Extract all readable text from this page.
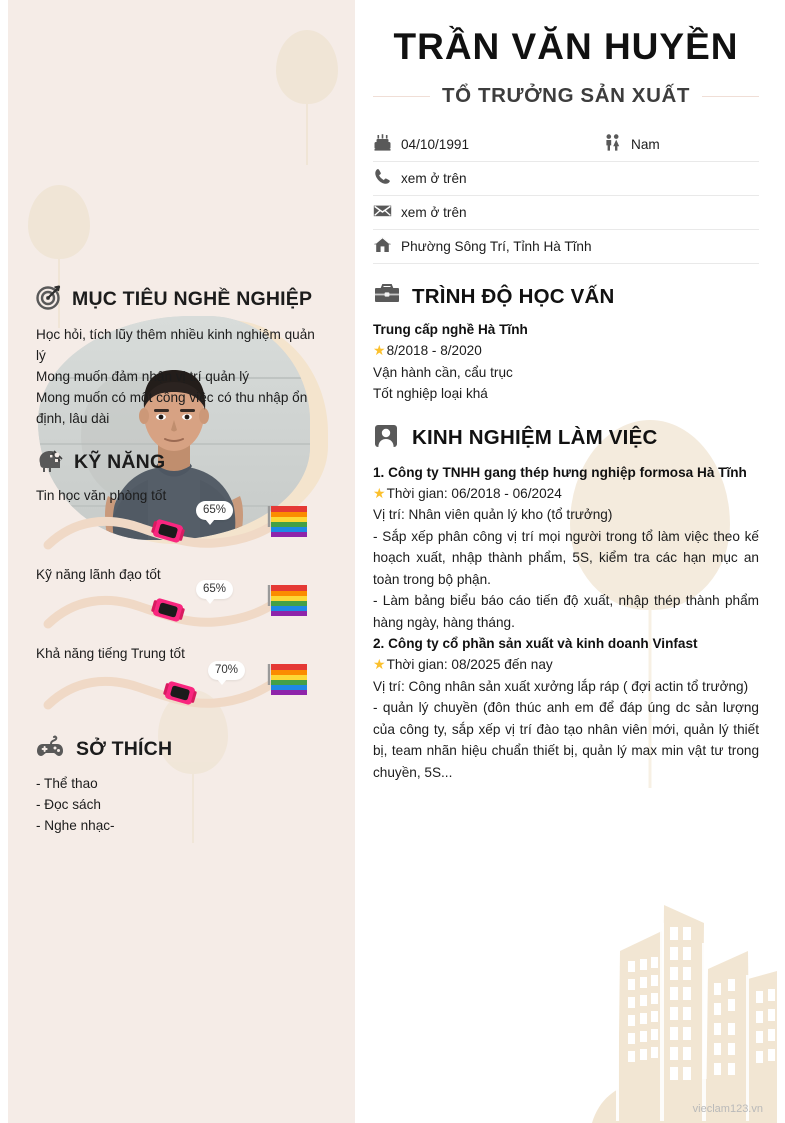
MỤC TIÊU NGHỀ NGHIỆP

Học hỏi, tích lũy thêm nhiều kinh nghiệm quản lý

Mong muốn đảm nhận vị trí quản lý

Mong muốn có một công việc có thu nhập ổn định, lâu dài

KỸ NĂNG
Tin học văn phòng tốt
65%
Kỹ năng lãnh đạo tốt
65%
Khả năng tiếng Trung tốt
70%
SỞ THÍCH

- Thể thao

- Đọc sách

- Nghe nhạc-

TRẦN VĂN HUYỀN
TỔ TRƯỞNG SẢN XUẤT
04/10/1991	Nam
xem ở trên
xem ở trên
Phường Sông Trí, Tỉnh Hà Tĩnh
TRÌNH ĐỘ HỌC VẤN
Trung cấp nghề Hà Tĩnh
★ 8/2018 - 8/2020
Vận hành cần, cẩu trục
Tốt nghiệp loại khá
KINH NGHIỆM LÀM VIỆC
1. Công ty TNHH gang thép hưng nghiệp formosa Hà Tĩnh
★ Thời gian: 06/2018 - 06/2024
Vị trí: Nhân viên quản lý kho (tổ trưởng)
- Sắp xếp phân công vị trí mọi người trong tổ làm việc theo kế hoạch xuất, nhập thành phẩm, 5S, kiểm tra các hạn mục an toàn trong bộ phận.
- Làm bảng biểu báo cáo tiến độ xuất, nhập thép thành phẩm hàng ngày, hàng tháng.
2. Công ty cổ phần sản xuất và kinh doanh Vinfast
★ Thời gian: 08/2025 đến nay
Vị trí: Công nhân sản xuất xưởng lắp ráp ( đợi actin tổ trưởng)
- quản lý chuyền (đôn thúc anh em để đáp úng dc sản lượng của công ty, sắp xếp vị trí đào tạo nhân viên mới, quản lý thiết bị, team nhãn hiệu chuẩn thiết bị, quản lý max min vật tư trong chuyền, 5S...
vieclam123.vn
